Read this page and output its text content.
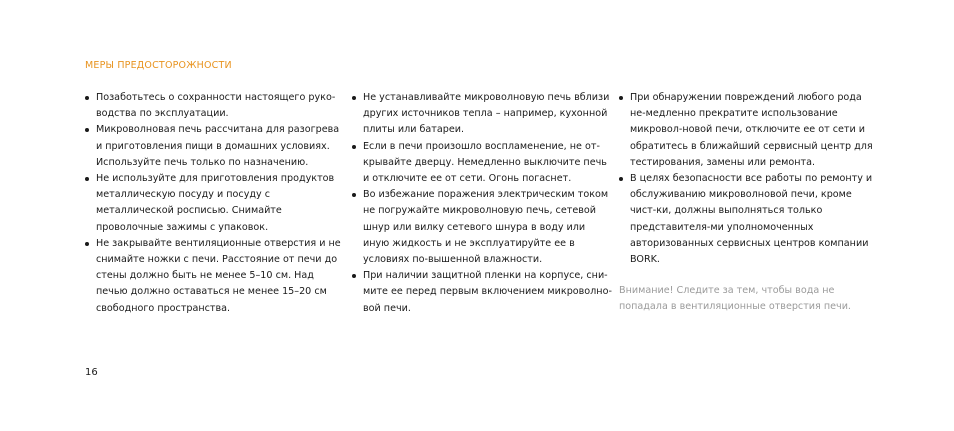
МЕРЫ ПРЕДОСТОРОЖНОСТИ
Позаботьтесь о сохранности настоящего руко-водства по эксплуатации.
Микроволновая печь рассчитана для разогрева и приготовления пищи в домашних условиях. Используйте печь только по назначению.
Не используйте для приготовления продуктов металлическую посуду и посуду с металлической росписью. Снимайте проволочные зажимы с упаковок.
Не закрывайте вентиляционные отверстия и не снимайте ножки с печи. Расстояние от печи до стены должно быть не менее 5–10 см. Над печью должно оставаться не менее 15–20 см свободного пространства.
Не устанавливайте микроволновую печь вблизи других источников тепла – например, кухонной плиты или батареи.
Если в печи произошло воспламенение, не от-крывайте дверцу. Немедленно выключите печь и отключите ее от сети. Огонь погаснет.
Во избежание поражения электрическим током не погружайте микроволновую печь, сетевой шнур или вилку сетевого шнура в воду или иную жидкость и не эксплуатируйте ее в условиях по-вышенной влажности.
При наличии защитной пленки на корпусе, сни-мите ее перед первым включением микроволно-вой печи.
При обнаружении повреждений любого рода не-медленно прекратите использование микровол-новой печи, отключите ее от сети и обратитесь в ближайший сервисный центр для тестирования, замены или ремонта.
В целях безопасности все работы по ремонту и обслуживанию микроволновой печи, кроме чист-ки, должны выполняться только представителя-ми уполномоченных авторизованных сервисных центров компании BORK.
Внимание! Следите за тем, чтобы вода не попадала в вентиляционные отверстия печи.
16
